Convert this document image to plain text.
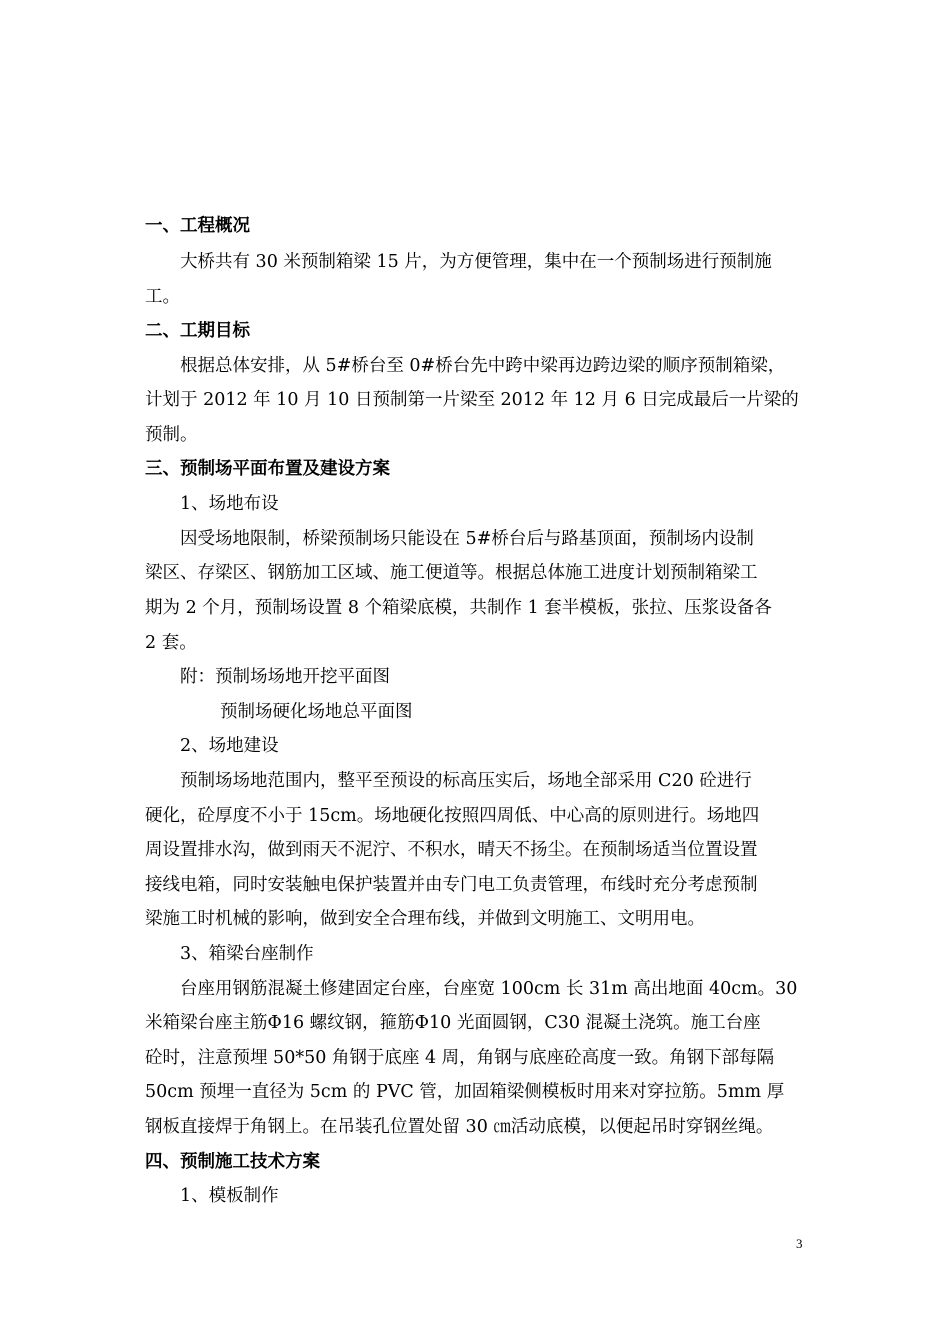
一、工程概况
大桥共有 30 米预制箱梁 15 片，为方便管理，集中在一个预制场进行预制施
工。
二、工期目标
根据总体安排，从 5#桥台至 0#桥台先中跨中梁再边跨边梁的顺序预制箱梁，
计划于 2012 年 10 月 10 日预制第一片梁至 2012 年 12 月 6 日完成最后一片梁的
预制。
三、预制场平面布置及建设方案
1、场地布设
因受场地限制，桥梁预制场只能设在 5#桥台后与路基顶面，预制场内设制
梁区、存梁区、钢筋加工区域、施工便道等。根据总体施工进度计划预制箱梁工
期为 2 个月，预制场设置 8 个箱梁底模，共制作 1 套半模板，张拉、压浆设备各
2 套。
附：预制场场地开挖平面图
预制场硬化场地总平面图
2、场地建设
预制场场地范围内，整平至预设的标高压实后，场地全部采用 C20 砼进行
硬化，砼厚度不小于 15cm。场地硬化按照四周低、中心高的原则进行。场地四
周设置排水沟，做到雨天不泥泞、不积水，晴天不扬尘。在预制场适当位置设置
接线电箱，同时安装触电保护装置并由专门电工负责管理，布线时充分考虑预制
梁施工时机械的影响，做到安全合理布线，并做到文明施工、文明用电。
3、箱梁台座制作
台座用钢筋混凝土修建固定台座，台座宽 100cm 长 31m 高出地面 40cm。30
米箱梁台座主筋Φ16 螺纹钢，箍筋Φ10 光面圆钢，C30 混凝土浇筑。施工台座
砼时，注意预埋 50*50 角钢于底座 4 周，角钢与底座砼高度一致。角钢下部每隔
50cm 预埋一直径为 5cm 的 PVC 管，加固箱梁侧模板时用来对穿拉筋。5mm 厚
钢板直接焊于角钢上。在吊装孔位置处留 30 ㎝活动底模，以便起吊时穿钢丝绳。
四、预制施工技术方案
1、模板制作
3
